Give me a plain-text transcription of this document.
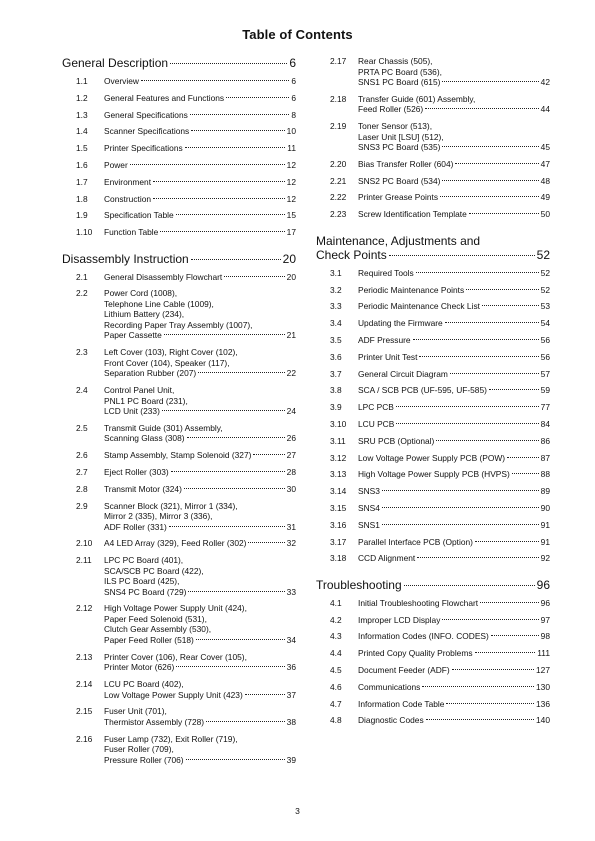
Table of Contents
General Description	6
1.1	Overview	6
1.2	General Features and Functions	6
1.3	General Specifications	8
1.4	Scanner Specifications	10
1.5	Printer Specifications	11
1.6	Power	12
1.7	Environment	12
1.8	Construction	12
1.9	Specification Table	15
1.10	Function Table	17
Disassembly Instruction	20
2.1	General Disassembly Flowchart	20
2.2	Power Cord (1008),
Telephone Line Cable (1009),
Lithium Battery (234),
Recording Paper Tray Assembly (1007),
Paper Cassette	21
2.3	Left Cover (103), Right Cover (102),
Front Cover (104), Speaker (117),
Separation Rubber (207)	22
2.4	Control Panel Unit,
PNL1 PC Board (231),
LCD Unit (233)	24
2.5	Transmit Guide (301) Assembly,
Scanning Glass (308)	26
2.6	Stamp Assembly, Stamp Solenoid (327)	27
2.7	Eject Roller (303)	28
2.8	Transmit Motor (324)	30
2.9	Scanner Block (321), Mirror 1 (334),
Mirror 2 (335), Mirror 3 (336),
ADF Roller (331)	31
2.10	A4 LED Array (329), Feed Roller (302)	32
2.11	LPC PC Board (401),
SCA/SCB PC Board (422),
ILS PC Board (425),
SNS4 PC Board (729)	33
2.12	High Voltage Power Supply Unit (424),
Paper Feed Solenoid (531),
Clutch Gear Assembly (530),
Paper Feed Roller (518)	34
2.13	Printer Cover (106), Rear Cover (105),
Printer Motor (626)	36
2.14	LCU PC Board (402),
Low Voltage Power Supply Unit (423)	37
2.15	Fuser Unit (701),
Thermistor Assembly (728)	38
2.16	Fuser Lamp (732), Exit Roller (719),
Fuser Roller (709),
Pressure Roller (706)	39
2.17	Rear Chassis (505),
PRTA PC Board (536),
SNS1 PC Board (615)	42
2.18	Transfer Guide (601) Assembly,
Feed Roller (526)	44
2.19	Toner Sensor (513),
Laser Unit [LSU] (512),
SNS3 PC Board (535)	45
2.20	Bias Transfer Roller (604)	47
2.21	SNS2 PC Board (534)	48
2.22	Printer Grease Points	49
2.23	Screw Identification Template	50
Maintenance, Adjustments and
Check Points	52
3.1	Required Tools	52
3.2	Periodic Maintenance Points	52
3.3	Periodic Maintenance Check List	53
3.4	Updating the Firmware	54
3.5	ADF Pressure	56
3.6	Printer Unit Test	56
3.7	General Circuit Diagram	57
3.8	SCA / SCB PCB (UF-595, UF-585)	59
3.9	LPC PCB	77
3.10	LCU PCB	84
3.11	SRU PCB (Optional)	86
3.12	Low Voltage Power Supply PCB (POW)	87
3.13	High Voltage Power Supply PCB (HVPS)	88
3.14	SNS3	89
3.15	SNS4	90
3.16	SNS1	91
3.17	Parallel Interface PCB (Option)	91
3.18	CCD Alignment	92
Troubleshooting	96
4.1	Initial Troubleshooting Flowchart	96
4.2	Improper LCD Display	97
4.3	Information Codes (INFO. CODES)	98
4.4	Printed Copy Quality Problems	111
4.5	Document Feeder (ADF)	127
4.6	Communications	130
4.7	Information Code Table	136
4.8	Diagnostic Codes	140
3
